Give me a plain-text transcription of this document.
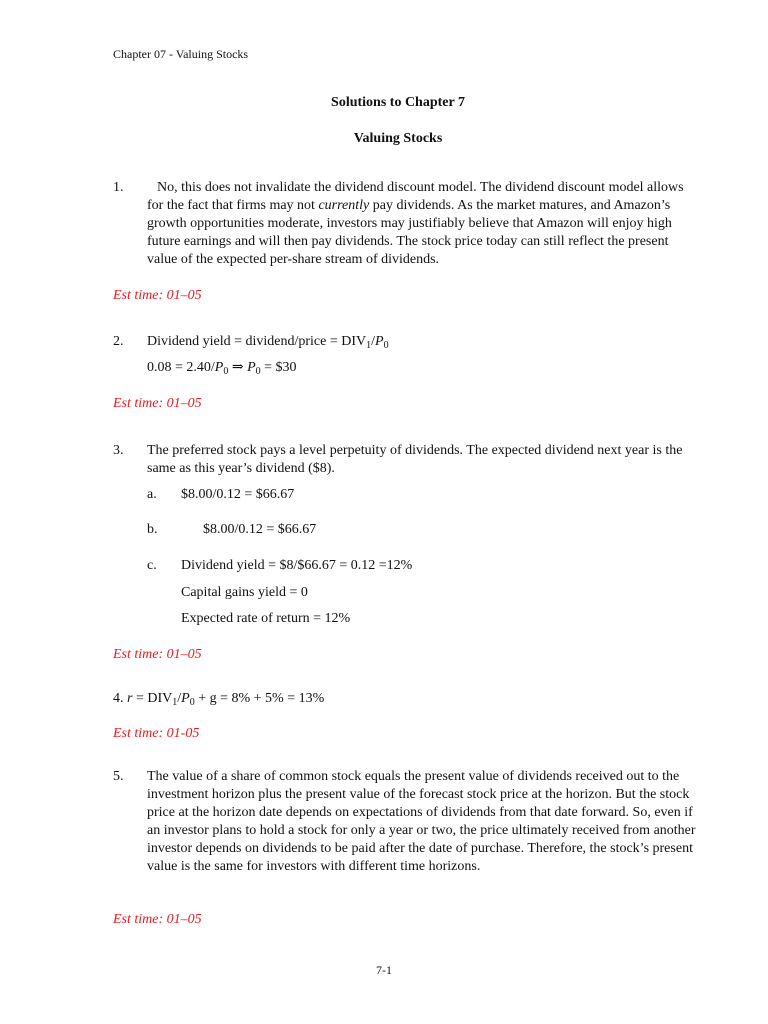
Chapter 07 - Valuing Stocks
Solutions to Chapter 7
Valuing Stocks
1.	No, this does not invalidate the dividend discount model. The dividend discount model allows for the fact that firms may not currently pay dividends. As the market matures, and Amazon’s growth opportunities moderate, investors may justifiably believe that Amazon will enjoy high future earnings and will then pay dividends. The stock price today can still reflect the present value of the expected per-share stream of dividends.
Est time: 01–05
2. Dividend yield = dividend/price = $DIV_1/P_0$
$0.08 = 2.40/P_0$ ⇒ $P_0$ = $30
Est time: 01–05
3. The preferred stock pays a level perpetuity of dividends. The expected dividend next year is the same as this year’s dividend ($8).
a. $8.00/0.12 = $66.67
b.	$8.00/0.12 = $66.67
c. Dividend yield = $8/$66.67 = 0.12 =12%
Capital gains yield = 0
Expected rate of return = 12%
Est time: 01–05
4. $r = DIV_1/P_0 + g = 8\% + 5\% = 13\%$
Est time: 01-05
5. The value of a share of common stock equals the present value of dividends received out to the investment horizon plus the present value of the forecast stock price at the horizon. But the stock price at the horizon date depends on expectations of dividends from that date forward. So, even if an investor plans to hold a stock for only a year or two, the price ultimately received from another investor depends on dividends to be paid after the date of purchase. Therefore, the stock’s present value is the same for investors with different time horizons.
Est time: 01–05
7-1
